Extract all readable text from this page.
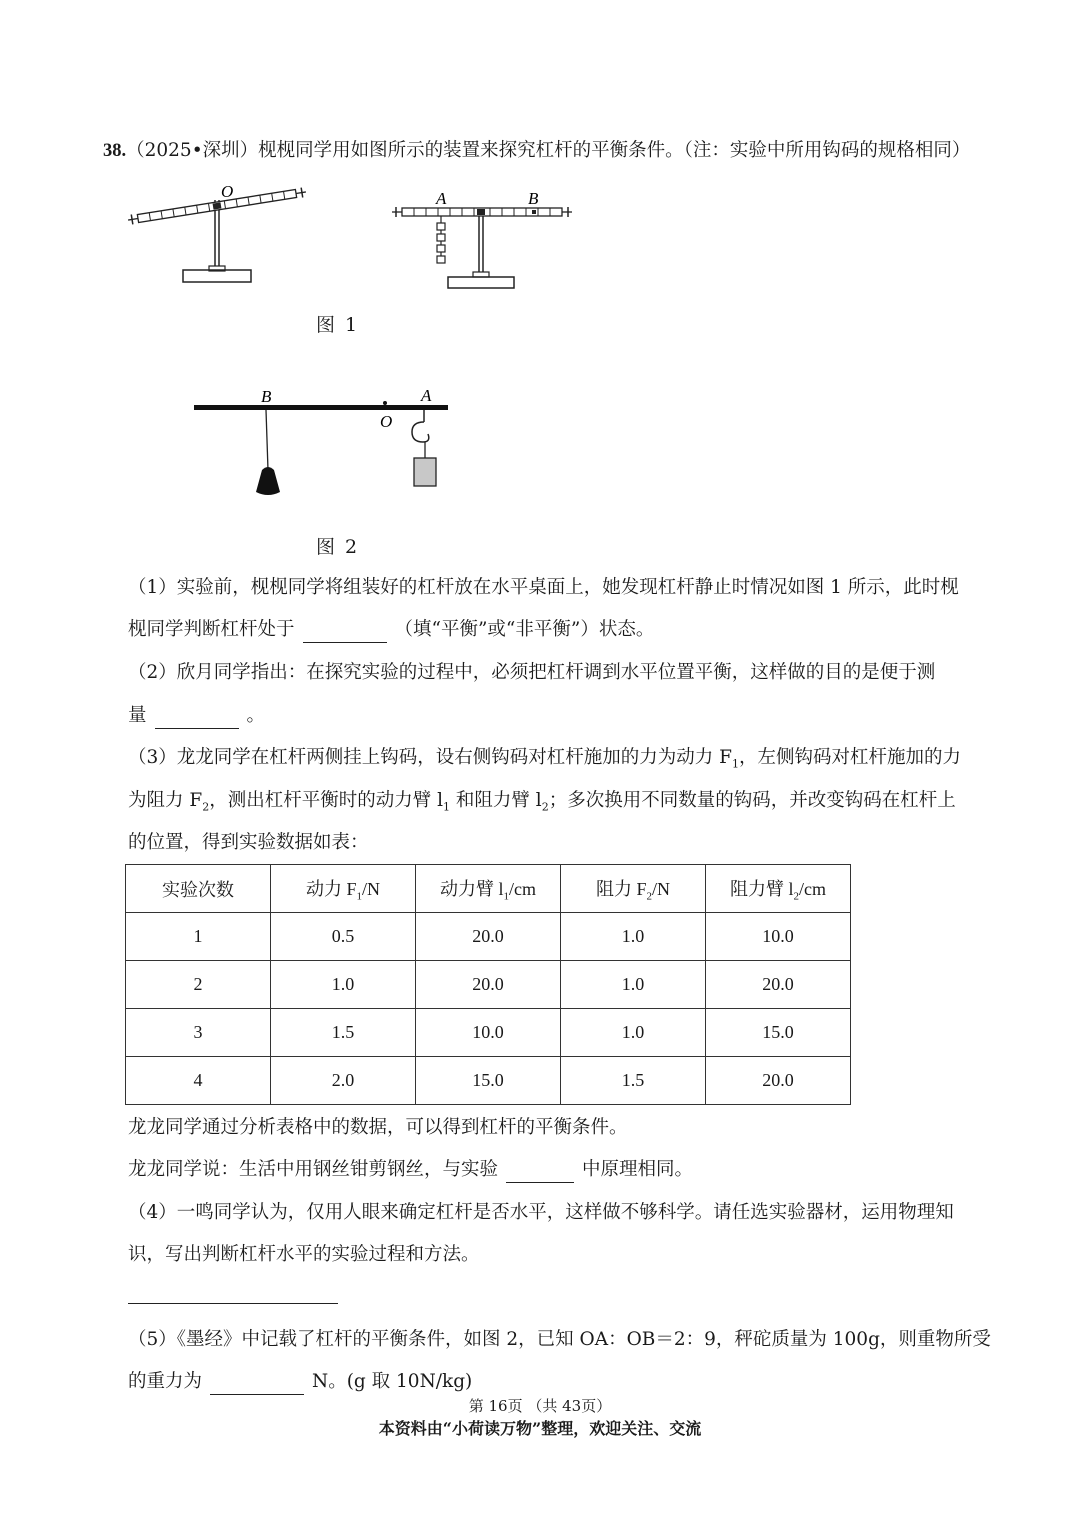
38.（2025•深圳）枧枧同学用如图所示的装置来探究杠杆的平衡条件。（注：实验中所用钩码的规格相同）
O	A	B
图 1
B
O
A
图 2
（1）实验前，枧枧同学将组装好的杠杆放在水平桌面上，她发现杠杆静止时情况如图 1 所示，此时枧
枧同学判断杠杆处于	（填“平衡”或“非平衡”）状态。
（2）欣月同学指出：在探究实验的过程中，必须把杠杆调到水平位置平衡，这样做的目的是便于测
量	。
（3）龙龙同学在杠杆两侧挂上钩码，设右侧钩码对杠杆施加的力为动力 $F_1$，左侧钩码对杠杆施加的力
为阻力 $F_2$，测出杠杆平衡时的动力臂 $l_1$ 和阻力臂 $l_2$；多次换用不同数量的钩码，并改变钩码在杠杆上
的位置，得到实验数据如表：
实验次数	动力 $F_1/N$	动力臂 $l_1/cm$	阻力 $F_2/N$	阻力臂 $l_2/cm$
1	0.5	20.0	1.0	10.0
2	1.0	20.0	1.0	20.0
3	1.5	10.0	1.0	15.0
4	2.0	15.0	1.5	20.0
龙龙同学通过分析表格中的数据，可以得到杠杆的平衡条件。
龙龙同学说：生活中用钢丝钳剪钢丝，与实验	中原理相同。
（4）一鸣同学认为，仅用人眼来确定杠杆是否水平，这样做不够科学。请任选实验器材，运用物理知
识，写出判断杠杆水平的实验过程和方法。
（5）《墨经》中记载了杠杆的平衡条件，如图 2，已知 OA：OB＝2：9，秤砣质量为 100g，则重物所受
的重力为	N。(g 取 10N/kg)
第 16页 （共 43页）
本资料由“小荷读万物”整理，欢迎关注、交流
